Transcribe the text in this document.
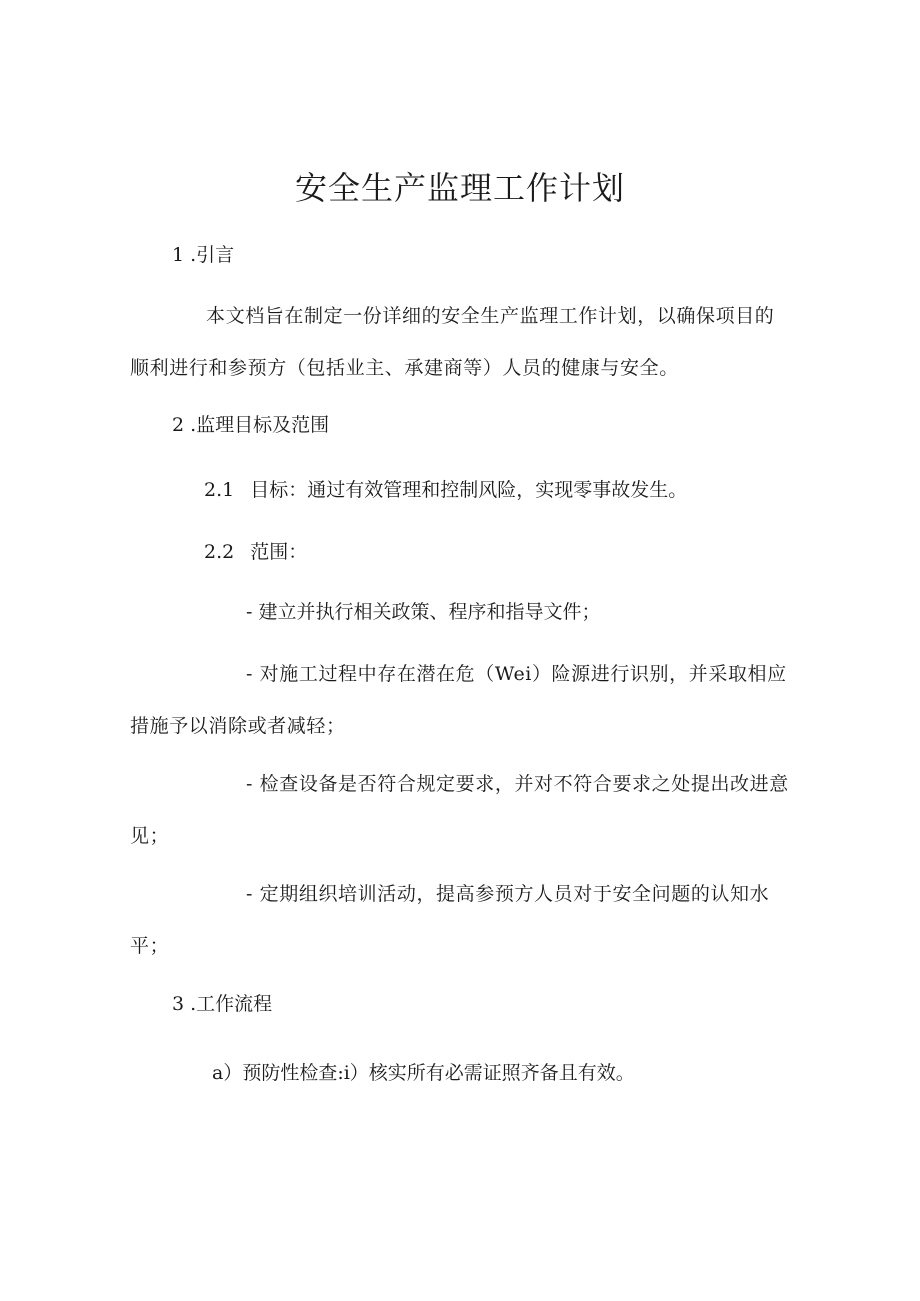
安全生产监理工作计划

1 .引言

本文档旨在制定一份详细的安全生产监理工作计划，以确保项目的顺利进行和参预方（包括业主、承建商等）人员的健康与安全。

2 .监理目标及范围

2.1 目标：通过有效管理和控制风险，实现零事故发生。

2.2 范围：

- 建立并执行相关政策、程序和指导文件；

- 对施工过程中存在潜在危（Wei）险源进行识别，并采取相应措施予以消除或者减轻；

- 检查设备是否符合规定要求，并对不符合要求之处提出改进意见；

- 定期组织培训活动，提高参预方人员对于安全问题的认知水平；

3 .工作流程

a）预防性检查:i）核实所有必需证照齐备且有效。
